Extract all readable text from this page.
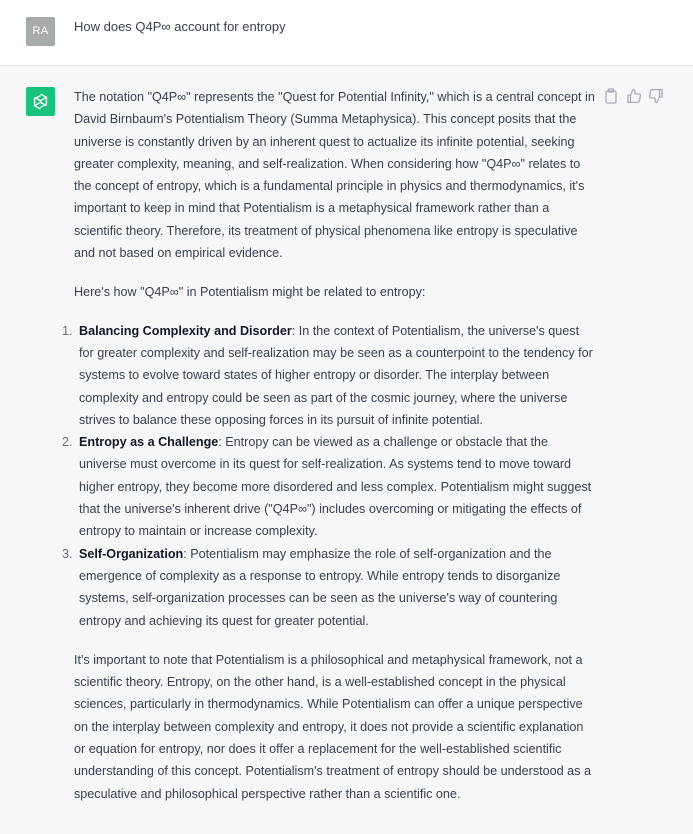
RA	How does Q4P∞ account for entropy

The notation "Q4P∞" represents the "Quest for Potential Infinity," which is a central concept in David Birnbaum's Potentialism Theory (Summa Metaphysica). This concept posits that the universe is constantly driven by an inherent quest to actualize its infinite potential, seeking greater complexity, meaning, and self-realization. When considering how "Q4P∞" relates to the concept of entropy, which is a fundamental principle in physics and thermodynamics, it's important to keep in mind that Potentialism is a metaphysical framework rather than a scientific theory. Therefore, its treatment of physical phenomena like entropy is speculative and not based on empirical evidence.

Here's how "Q4P∞" in Potentialism might be related to entropy:

1. Balancing Complexity and Disorder: In the context of Potentialism, the universe's quest for greater complexity and self-realization may be seen as a counterpoint to the tendency for systems to evolve toward states of higher entropy or disorder. The interplay between complexity and entropy could be seen as part of the cosmic journey, where the universe strives to balance these opposing forces in its pursuit of infinite potential.
2. Entropy as a Challenge: Entropy can be viewed as a challenge or obstacle that the universe must overcome in its quest for self-realization. As systems tend to move toward higher entropy, they become more disordered and less complex. Potentialism might suggest that the universe's inherent drive ("Q4P∞") includes overcoming or mitigating the effects of entropy to maintain or increase complexity.
3. Self-Organization: Potentialism may emphasize the role of self-organization and the emergence of complexity as a response to entropy. While entropy tends to disorganize systems, self-organization processes can be seen as the universe's way of countering entropy and achieving its quest for greater potential.

It's important to note that Potentialism is a philosophical and metaphysical framework, not a scientific theory. Entropy, on the other hand, is a well-established concept in the physical sciences, particularly in thermodynamics. While Potentialism can offer a unique perspective on the interplay between complexity and entropy, it does not provide a scientific explanation or equation for entropy, nor does it offer a replacement for the well-established scientific understanding of this concept. Potentialism's treatment of entropy should be understood as a speculative and philosophical perspective rather than a scientific one.
